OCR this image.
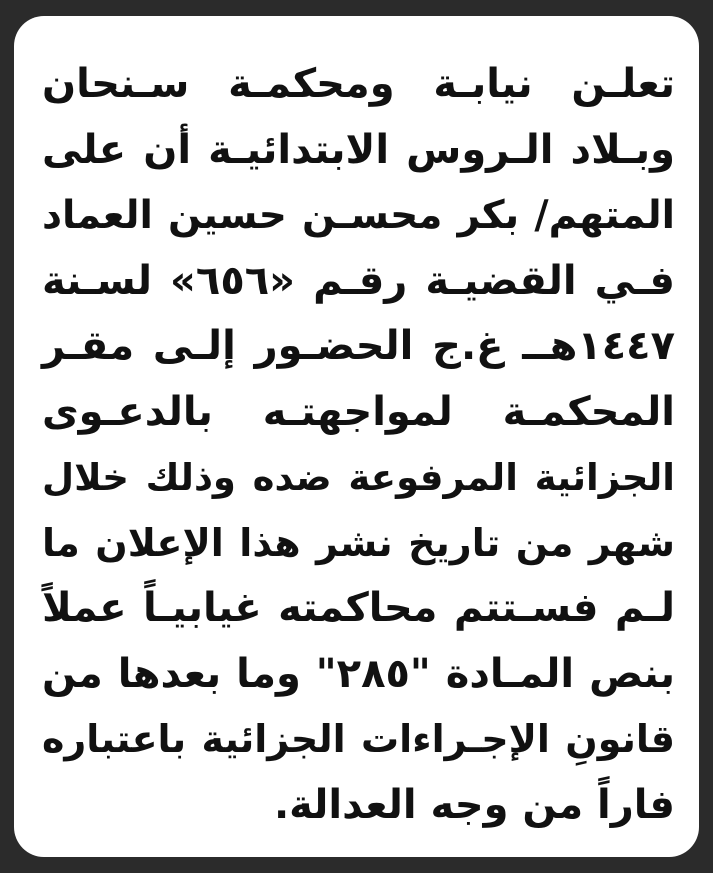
تعلـن نيابـة ومحكمـة سـنحان
وبـلاد الـروس الابتدائيـة أن على
المتهم/ بكر محسـن حسين العماد
فـي القضيـة رقـم «٦٥٦» لسـنة
١٤٤٧هــ غ.ج الحضـور إلـى مقـر
المحكمـة لمواجهتـه بالدعـوى
الجزائية المرفوعة ضده وذلك خلال
شهر من تاريخ نشر هذا الإعلان ما
لـم فسـتتم محاكمته غيابيـاً عملاً
بنص المـادة "٢٨٥" وما بعدها من
قانونِ الإجـراءات الجزائية باعتباره
فاراً من وجه العدالة.
